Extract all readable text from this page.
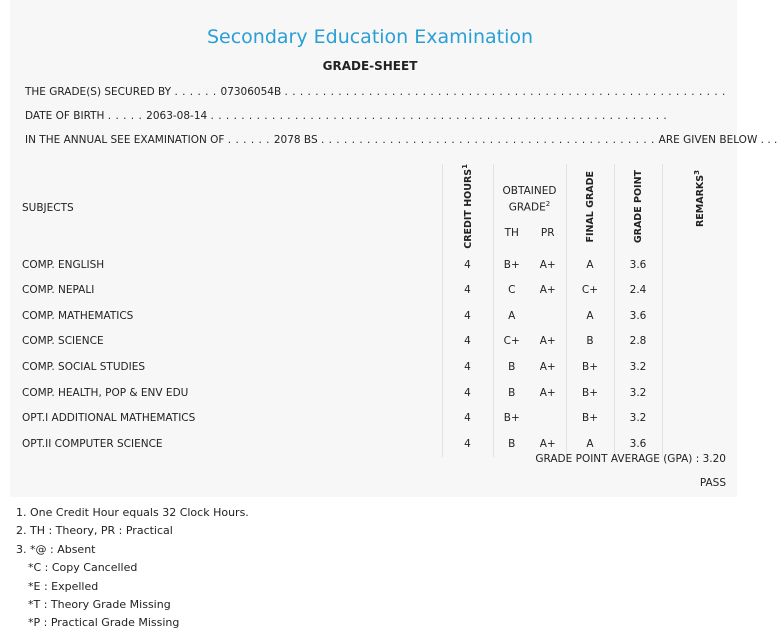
Secondary Education Examination
GRADE-SHEET
THE GRADE(S) SECURED BY . . . . . . 07306054B . . . . . . . . . . . . . . . . . . . . . . . . . . . . . . . . . . . . . . . . . . . . . . . . . . . . . . . . . .
DATE OF BIRTH . . . . . 2063-08-14 . . . . . . . . . . . . . . . . . . . . . . . . . . . . . . . . . . . . . . . . . . . . . . . . . . . . . . . . . . . .
IN THE ANNUAL SEE EXAMINATION OF . . . . . . 2078 BS . . . . . . . . . . . . . . . . . . . . . . . . . . . . . . . . . . . . . . . . . . . . ARE GIVEN BELOW . . .
SUBJECTS	CREDIT HOURS$^1$	OBTAINED GRADE$^2$		FINAL GRADE	GRADE POINT	REMARKS$^3$
		TH	PR			
COMP. ENGLISH	4	B+	A+	A	3.6	
COMP. NEPALI	4	C	A+	C+	2.4	
COMP. MATHEMATICS	4	A		A	3.6	
COMP. SCIENCE	4	C+	A+	B	2.8	
COMP. SOCIAL STUDIES	4	B	A+	B+	3.2	
COMP. HEALTH, POP & ENV EDU	4	B	A+	B+	3.2	
OPT.I ADDITIONAL MATHEMATICS	4	B+		B+	3.2	
OPT.II COMPUTER SCIENCE	4	B	A+	A	3.6	
GRADE POINT AVERAGE (GPA) : 3.20
PASS
1. One Credit Hour equals 32 Clock Hours.
2. TH : Theory, PR : Practical
3. *@ : Absent
*C : Copy Cancelled
*E : Expelled
*T : Theory Grade Missing
*P : Practical Grade Missing
